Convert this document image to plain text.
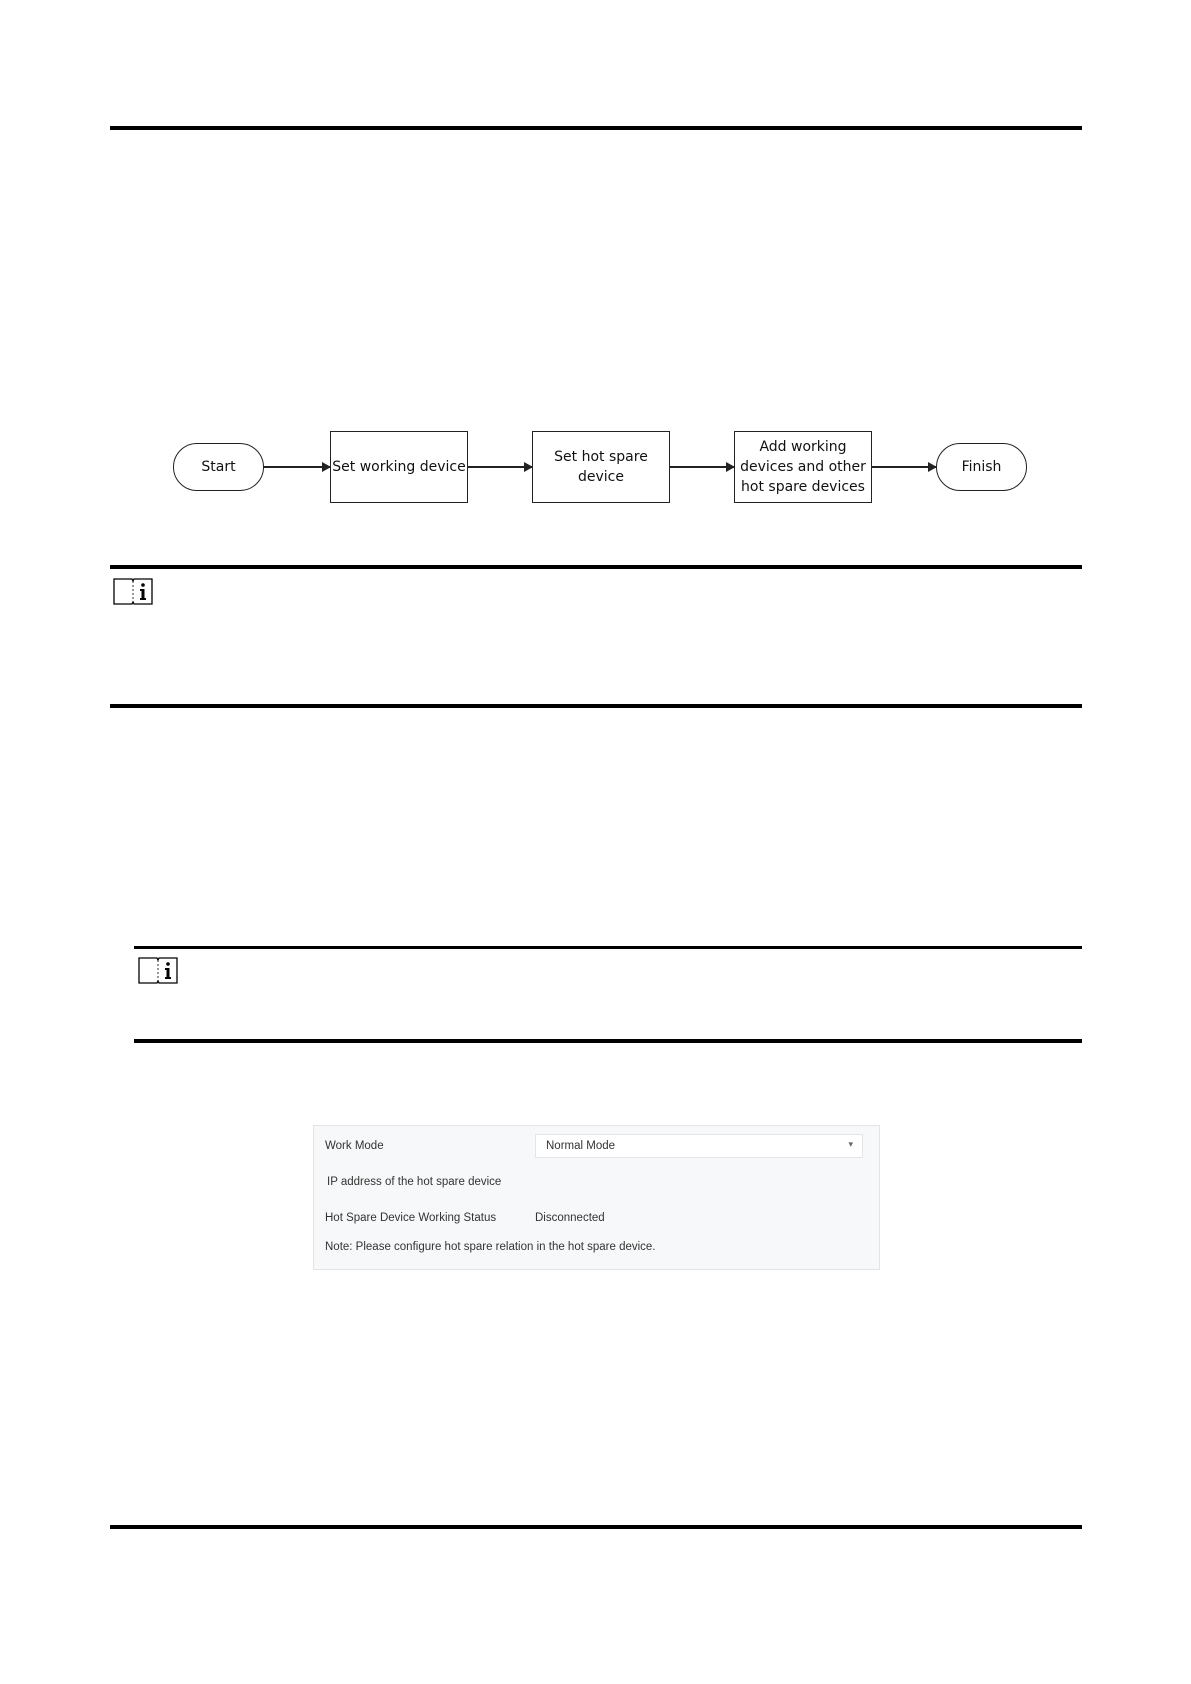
Start	Set working device
Set hot spare
device
Add working
devices and other
hot spare devices
Finish
Work Mode	Normal Mode	▾
IP address of the hot spare device
Hot Spare Device Working Status	Disconnected
Note: Please configure hot spare relation in the hot spare device.
